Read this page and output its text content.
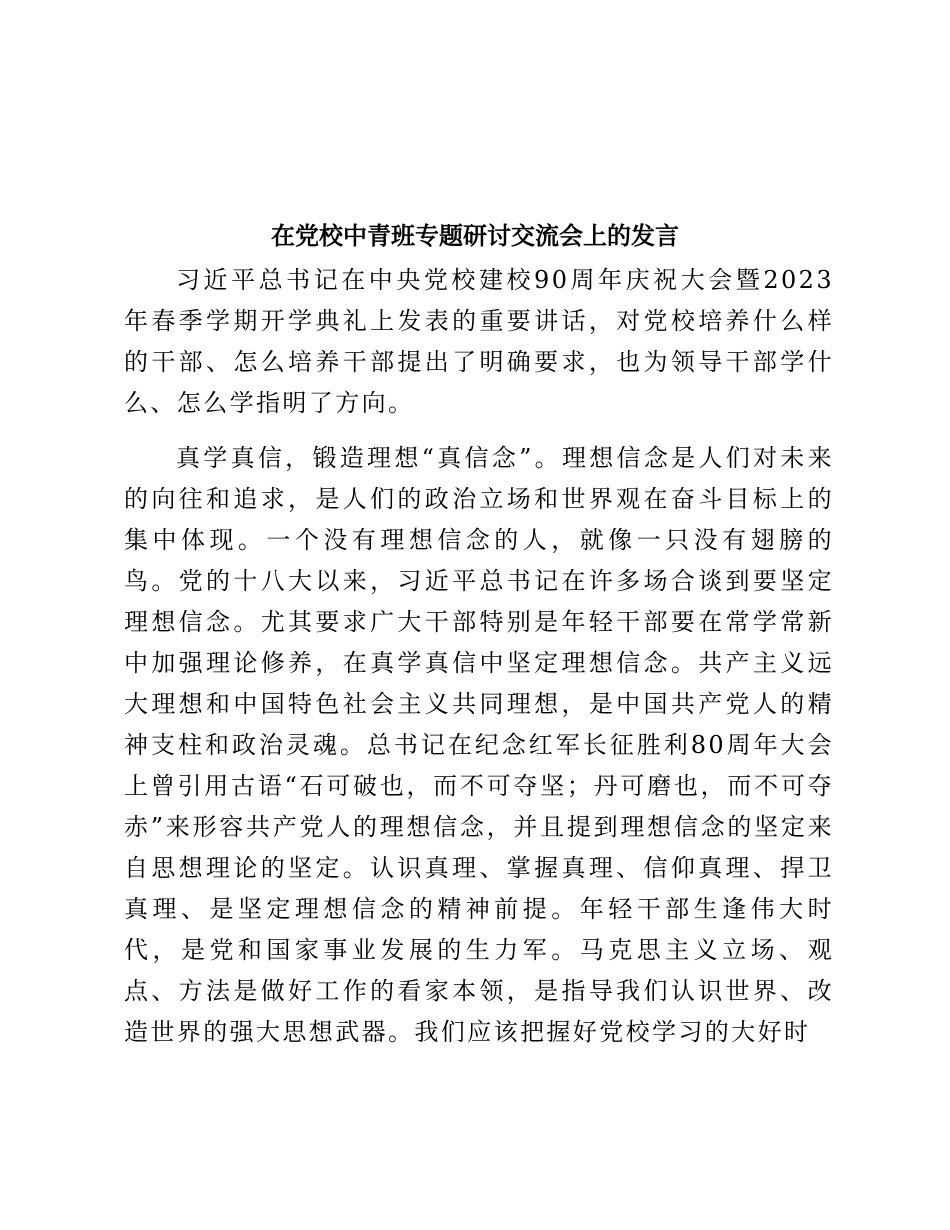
在党校中青班专题研讨交流会上的发言

习近平总书记在中央党校建校90周年庆祝大会暨2023年春季学期开学典礼上发表的重要讲话，对党校培养什么样的干部、怎么培养干部提出了明确要求，也为领导干部学什么、怎么学指明了方向。

真学真信，锻造理想“真信念”。理想信念是人们对未来的向往和追求，是人们的政治立场和世界观在奋斗目标上的集中体现。一个没有理想信念的人，就像一只没有翅膀的鸟。党的十八大以来，习近平总书记在许多场合谈到要坚定理想信念。尤其要求广大干部特别是年轻干部要在常学常新中加强理论修养，在真学真信中坚定理想信念。共产主义远大理想和中国特色社会主义共同理想，是中国共产党人的精神支柱和政治灵魂。总书记在纪念红军长征胜利80周年大会上曾引用古语“石可破也，而不可夺坚；丹可磨也，而不可夺赤”来形容共产党人的理想信念，并且提到理想信念的坚定来自思想理论的坚定。认识真理、掌握真理、信仰真理、捍卫真理、是坚定理想信念的精神前提。年轻干部生逢伟大时代，是党和国家事业发展的生力军。马克思主义立场、观点、方法是做好工作的看家本领，是指导我们认识世界、改造世界的强大思想武器。我们应该把握好党校学习的大好时
